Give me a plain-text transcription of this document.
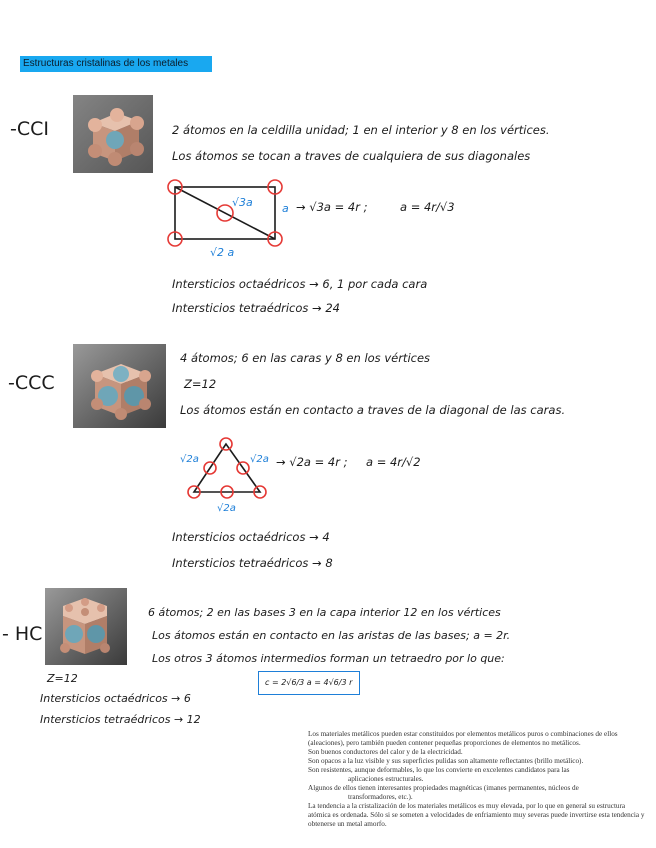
Estructuras cristalinas de los metales
-CCI	2 átomos en la celdilla unidad; 1 en el interior y 8 en los vértices.
Los átomos se tocan a traves de cualquiera de sus diagonales
√3a	a
√2 a
→ √3a = 4r ;	a = 4r/√3
Intersticios octaédricos → 6, 1 por cada cara
Intersticios tetraédricos → 24
-CCC
4 átomos; 6 en las caras y 8 en los vértices
Z=12
Los átomos están en contacto a traves de la diagonal de las caras.
√2a	√2a
√2a
→ √2a = 4r ; a = 4r/√2
Intersticios octaédricos → 4
Intersticios tetraédricos → 8
- HC
6 átomos; 2 en las bases 3 en la capa interior 12 en los vértices
Los átomos están en contacto en las aristas de las bases; a = 2r.
Los otros 3 átomos intermedios forman un tetraedro por lo que:
c = 2√6/3 a = 4√6/3 r
Z=12
Intersticios octaédricos → 6
Intersticios tetraédricos → 12

Los materiales metálicos pueden estar constituidos por elementos metálicos puros o combinaciones de ellos (aleaciones), pero también pueden contener pequeñas proporciones de elementos no metálicos.

Son buenos conductores del calor y de la electricidad.

Son opacos a la luz visible y sus superficies pulidas son altamente reflectantes (brillo metálico).

Son resistentes, aunque deformables, lo que los convierte en excelentes candidatos para las

aplicaciones estructurales.

Algunos de ellos tienen interesantes propiedades magnéticas (imanes permanentes, núcleos de

transformadores, etc.).

La tendencia a la cristalización de los materiales metálicos es muy elevada, por lo que en general su estructura atómica es ordenada. Sólo si se someten a velocidades de enfriamiento muy severas puede invertirse esta tendencia y obtenerse un metal amorfo.
